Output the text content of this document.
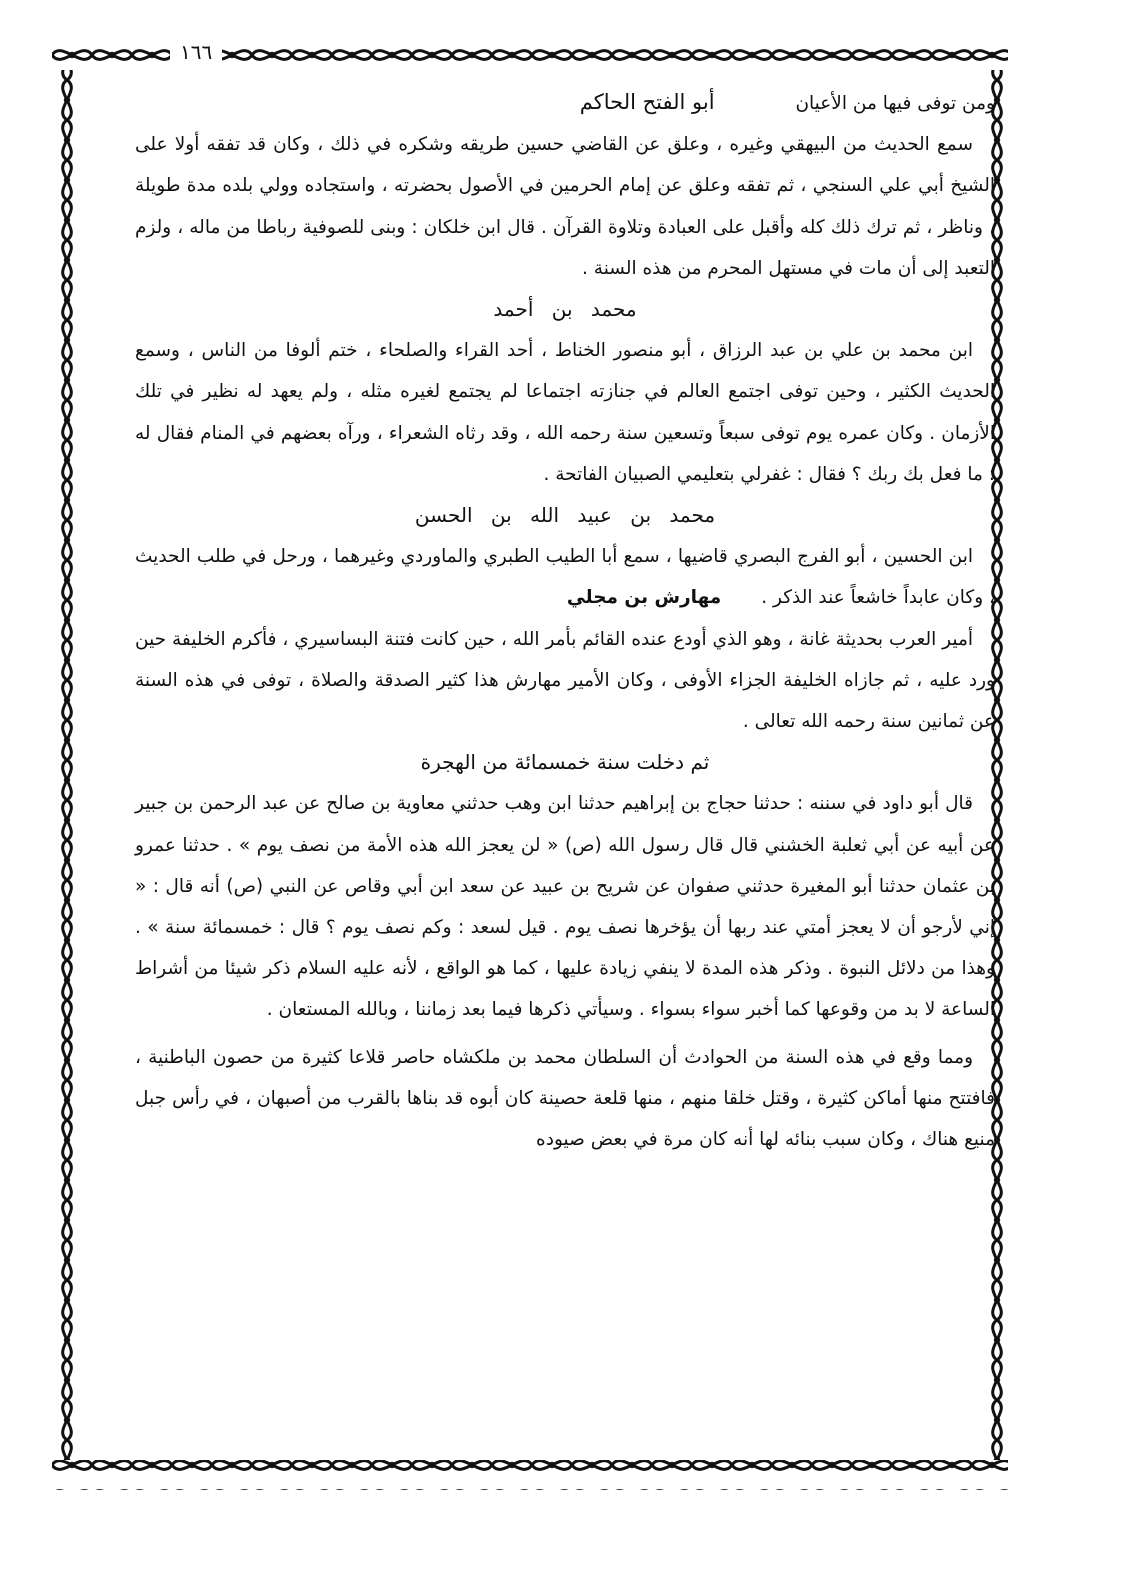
١٦٦
ومن توفى فيها من الأعيان أبو الفتح الحاكم

سمع الحديث من البيهقي وغيره ، وعلق عن القاضي حسين طريقه وشكره في ذلك ، وكان قد تفقه أولا على الشيخ أبي علي السنجي ، ثم تفقه وعلق عن إمام الحرمين في الأصول بحضرته ، واستجاده وولي بلده مدة طويلة ، وناظر ، ثم ترك ذلك كله وأقبل على العبادة وتلاوة القرآن . قال ابن خلكان : وبنى للصوفية رباطا من ماله ، ولزم التعبد إلى أن مات في مستهل المحرم من هذه السنة .

محمد بن أحمد

ابن محمد بن علي بن عبد الرزاق ، أبو منصور الخناط ، أحد القراء والصلحاء ، ختم ألوفا من الناس ، وسمع الحديث الكثير ، وحين توفى اجتمع العالم في جنازته اجتماعا لم يجتمع لغيره مثله ، ولم يعهد له نظير في تلك الأزمان . وكان عمره يوم توفى سبعاً وتسعين سنة رحمه الله ، وقد رثاه الشعراء ، ورآه بعضهم في المنام فقال له : ما فعل بك ربك ؟ فقال : غفرلي بتعليمي الصبيان الفاتحة .

محمد بن عبيد الله بن الحسن

ابن الحسين ، أبو الفرج البصري قاضيها ، سمع أبا الطيب الطبري والماوردي وغيرهما ، ورحل في طلب الحديث ، وكان عابداً خاشعاً عند الذكر .مهارش بن مجلي

أمير العرب بحديثة غانة ، وهو الذي أودع عنده القائم بأمر الله ، حين كانت فتنة البساسيري ، فأكرم الخليفة حين ورد عليه ، ثم جازاه الخليفة الجزاء الأوفى ، وكان الأمير مهارش هذا كثير الصدقة والصلاة ، توفى في هذه السنة عن ثمانين سنة رحمه الله تعالى .

ثم دخلت سنة خمسمائة من الهجرة

قال أبو داود في سننه : حدثنا حجاج بن إبراهيم حدثنا ابن وهب حدثني معاوية بن صالح عن عبد الرحمن بن جبير عن أبيه عن أبي ثعلبة الخشني قال قال رسول الله (ص) « لن يعجز الله هذه الأمة من نصف يوم » . حدثنا عمرو بن عثمان حدثنا أبو المغيرة حدثني صفوان عن شريح بن عبيد عن سعد ابن أبي وقاص عن النبي (ص) أنه قال : « إني لأرجو أن لا يعجز أمتي عند ربها أن يؤخرها نصف يوم . قيل لسعد : وكم نصف يوم ؟ قال : خمسمائة سنة » . وهذا من دلائل النبوة . وذكر هذه المدة لا ينفي زيادة عليها ، كما هو الواقع ، لأنه عليه السلام ذكر شيئا من أشراط الساعة لا بد من وقوعها كما أخبر سواء بسواء . وسيأتي ذكرها فيما بعد زماننا ، وبالله المستعان .

ومما وقع في هذه السنة من الحوادث أن السلطان محمد بن ملكشاه حاصر قلاعا كثيرة من حصون الباطنية ، فافتتح منها أماكن كثيرة ، وقتل خلقا منهم ، منها قلعة حصينة كان أبوه قد بناها بالقرب من أصبهان ، في رأس جبل منيع هناك ، وكان سبب بنائه لها أنه كان مرة في بعض صيوده
